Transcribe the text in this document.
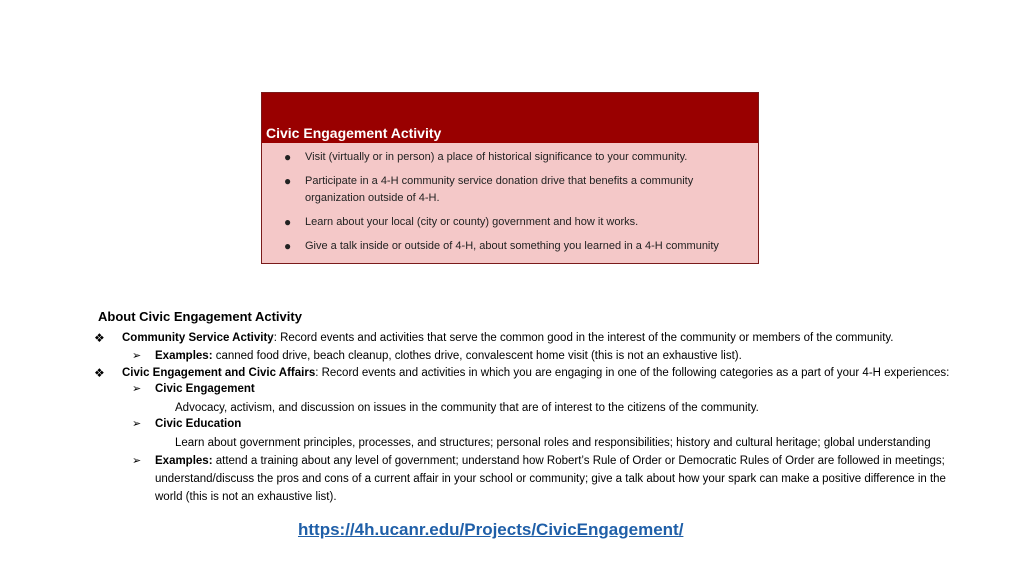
Civic Engagement Activity
● Visit (virtually or in person) a place of historical significance to your community.
● Participate in a 4-H community service donation drive that benefits a community organization outside of 4-H.
● Learn about your local (city or county) government and how it works.
● Give a talk inside or outside of 4-H, about something you learned in a 4-H community
About Civic Engagement Activity
❖ Community Service Activity: Record events and activities that serve the common good in the interest of the community or members of the community.
➢ Examples: canned food drive, beach cleanup, clothes drive, convalescent home visit (this is not an exhaustive list).
❖ Civic Engagement and Civic Affairs: Record events and activities in which you are engaging in one of the following categories as a part of your 4-H experiences:
➢ Civic Engagement
Advocacy, activism, and discussion on issues in the community that are of interest to the citizens of the community.
➢ Civic Education
Learn about government principles, processes, and structures; personal roles and responsibilities; history and cultural heritage; global understanding
➢ Examples: attend a training about any level of government; understand how Robert’s Rule of Order or Democratic Rules of Order are followed in meetings; understand/discuss the pros and cons of a current affair in your school or community; give a talk about how your spark can make a positive difference in the world (this is not an exhaustive list).
https://4h.ucanr.edu/Projects/CivicEngagement/
